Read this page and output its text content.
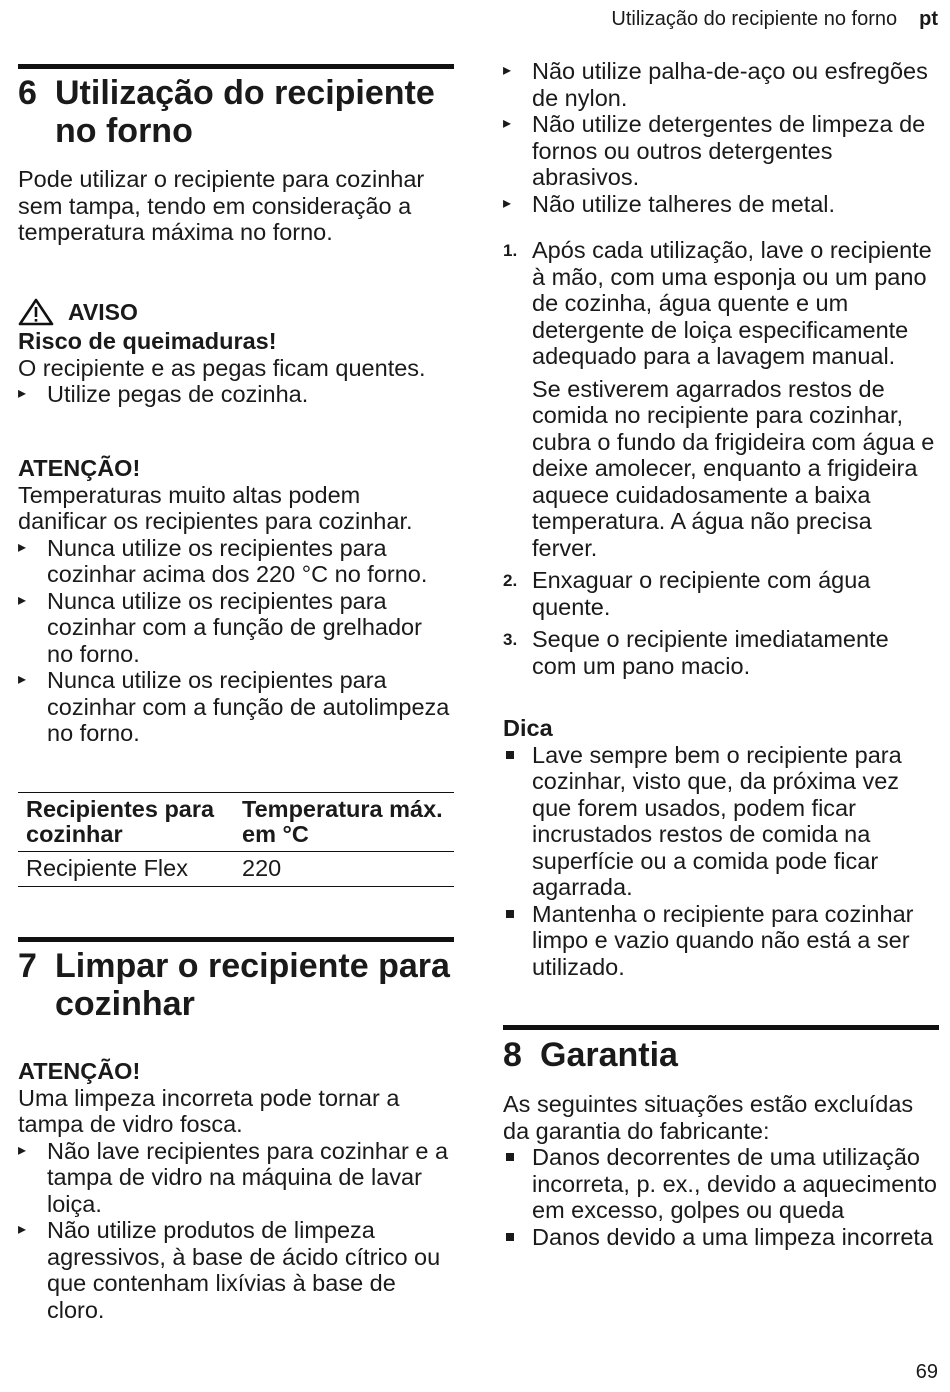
Utilização do recipiente no forno pt
6 Utilização do recipiente no forno

Pode utilizar o recipiente para cozinhar sem tampa, tendo em consideração a temperatura máxima no forno.

AVISO

Risco de queimaduras!

O recipiente e as pegas ficam quentes.

▸ Utilize pegas de cozinha.

ATENÇÃO!

Temperaturas muito altas podem danificar os recipientes para cozinhar.

▸ Nunca utilize os recipientes para cozinhar acima dos 220 °C no forno.
▸ Nunca utilize os recipientes para cozinhar com a função de grelhador no forno.
▸ Nunca utilize os recipientes para cozinhar com a função de autolimpeza no forno.
Recipientes para cozinhar	Temperatura máx. em °C
Recipiente Flex	220
7 Limpar o recipiente para cozinhar

ATENÇÃO!

Uma limpeza incorreta pode tornar a tampa de vidro fosca.

▸ Não lave recipientes para cozinhar e a tampa de vidro na máquina de lavar loiça.
▸ Não utilize produtos de limpeza agressivos, à base de ácido cítrico ou que contenham lixívias à base de cloro.
▸ Não utilize palha-de-aço ou esfregões de nylon.
▸ Não utilize detergentes de limpeza de fornos ou outros detergentes abrasivos.
▸ Não utilize talheres de metal.
1. Após cada utilização, lave o recipiente à mão, com uma esponja ou um pano de cozinha, água quente e um detergente de loiça especificamente adequado para a lavagem manual.

Se estiverem agarrados restos de comida no recipiente para cozinhar, cubra o fundo da frigideira com água e deixe amolecer, enquanto a frigideira aquece cuidadosamente a baixa temperatura. A água não precisa ferver.

2. Enxaguar o recipiente com água quente.

3. Seque o recipiente imediatamente com um pano macio.

Dica

Lave sempre bem o recipiente para cozinhar, visto que, da próxima vez que forem usados, podem ficar incrustados restos de comida na superfície ou a comida pode ficar agarrada.
Mantenha o recipiente para cozinhar limpo e vazio quando não está a ser utilizado.
8 Garantia

As seguintes situações estão excluídas da garantia do fabricante:

Danos decorrentes de uma utilização incorreta, p. ex., devido a aquecimento em excesso, golpes ou queda
Danos devido a uma limpeza incorreta
69
